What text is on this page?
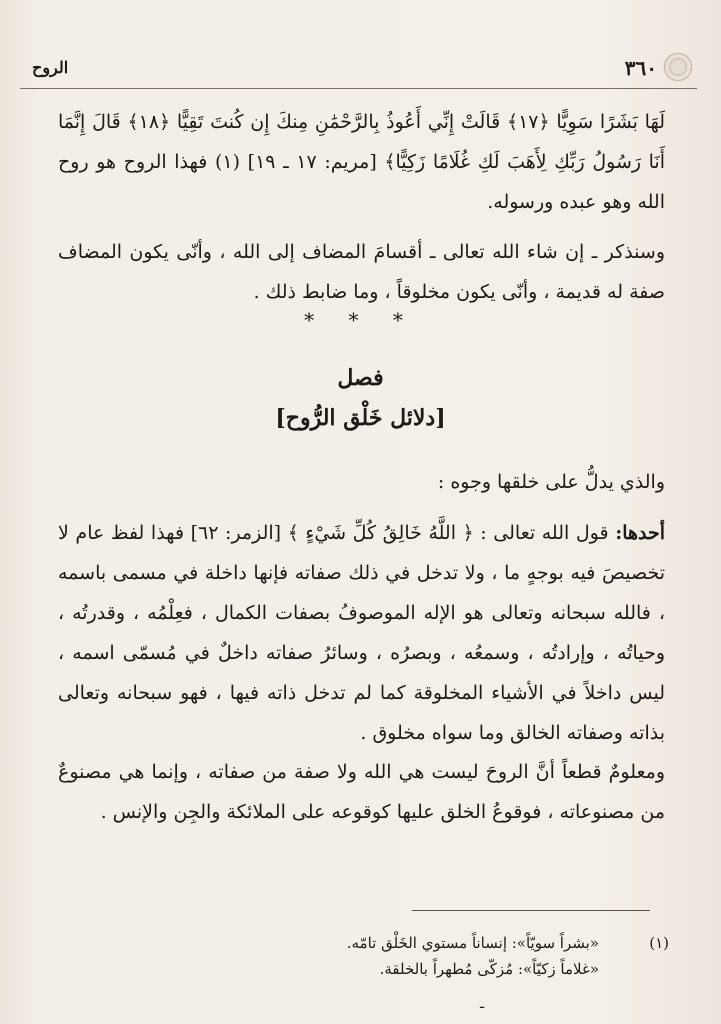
٣٦٠
الروح

لَهَا بَشَرًا سَوِيًّا ﴿١٧﴾ قَالَتْ إِنِّي أَعُوذُ بِالرَّحْمَٰنِ مِنكَ إِن كُنتَ تَقِيًّا ﴿١٨﴾ قَالَ إِنَّمَا أَنَا رَسُولُ رَبِّكِ لِأَهَبَ لَكِ غُلَامًا زَكِيًّا﴾ [مريم: ١٧ ـ ١٩] (١) فهذا الروح هو روح الله وهو عبده ورسوله.

وسنذكر ـ إن شاء الله تعالى ـ أقسامَ المضاف إلى الله ، وأنّى يكون المضاف صفة له قديمة ، وأنّى يكون مخلوقاً ، وما ضابط ذلك .

* * *
فصل
[دلائل خَلْق الرُّوح]

والذي يدلُّ على خلقها وجوه :

أحدها: قول الله تعالى : ﴿ اللَّهُ خَالِقُ كُلِّ شَيْءٍ ﴾ [الزمر: ٦٢] فهذا لفظ عام لا تخصيصَ فيه بوجهٍ ما ، ولا تدخل في ذلك صفاته فإنها داخلة في مسمى باسمه ، فالله سبحانه وتعالى هو الإله الموصوفُ بصفات الكمال ، فعِلْمُه ، وقدرتُه ، وحياتُه ، وإرادتُه ، وسمعُه ، وبصرُه ، وسائرُ صفاته داخلٌ في مُسمّى اسمه ، ليس داخلاً في الأشياء المخلوقة كما لم تدخل ذاته فيها ، فهو سبحانه وتعالى بذاته وصفاته الخالق وما سواه مخلوق .

ومعلومٌ قطعاً أنَّ الروحَ ليست هي الله ولا صفة من صفاته ، وإنما هي مصنوعٌ من مصنوعاته ، فوقوعُ الخلق عليها كوقوعه على الملائكة والجِن والإنس .

(١)
«بشراً سويّاً»: إنساناً مستوي الخَلْق تامّه.
«غلاماً زكيّاً»: مُزكّى مُطهراً بالخلقة.
ـ
